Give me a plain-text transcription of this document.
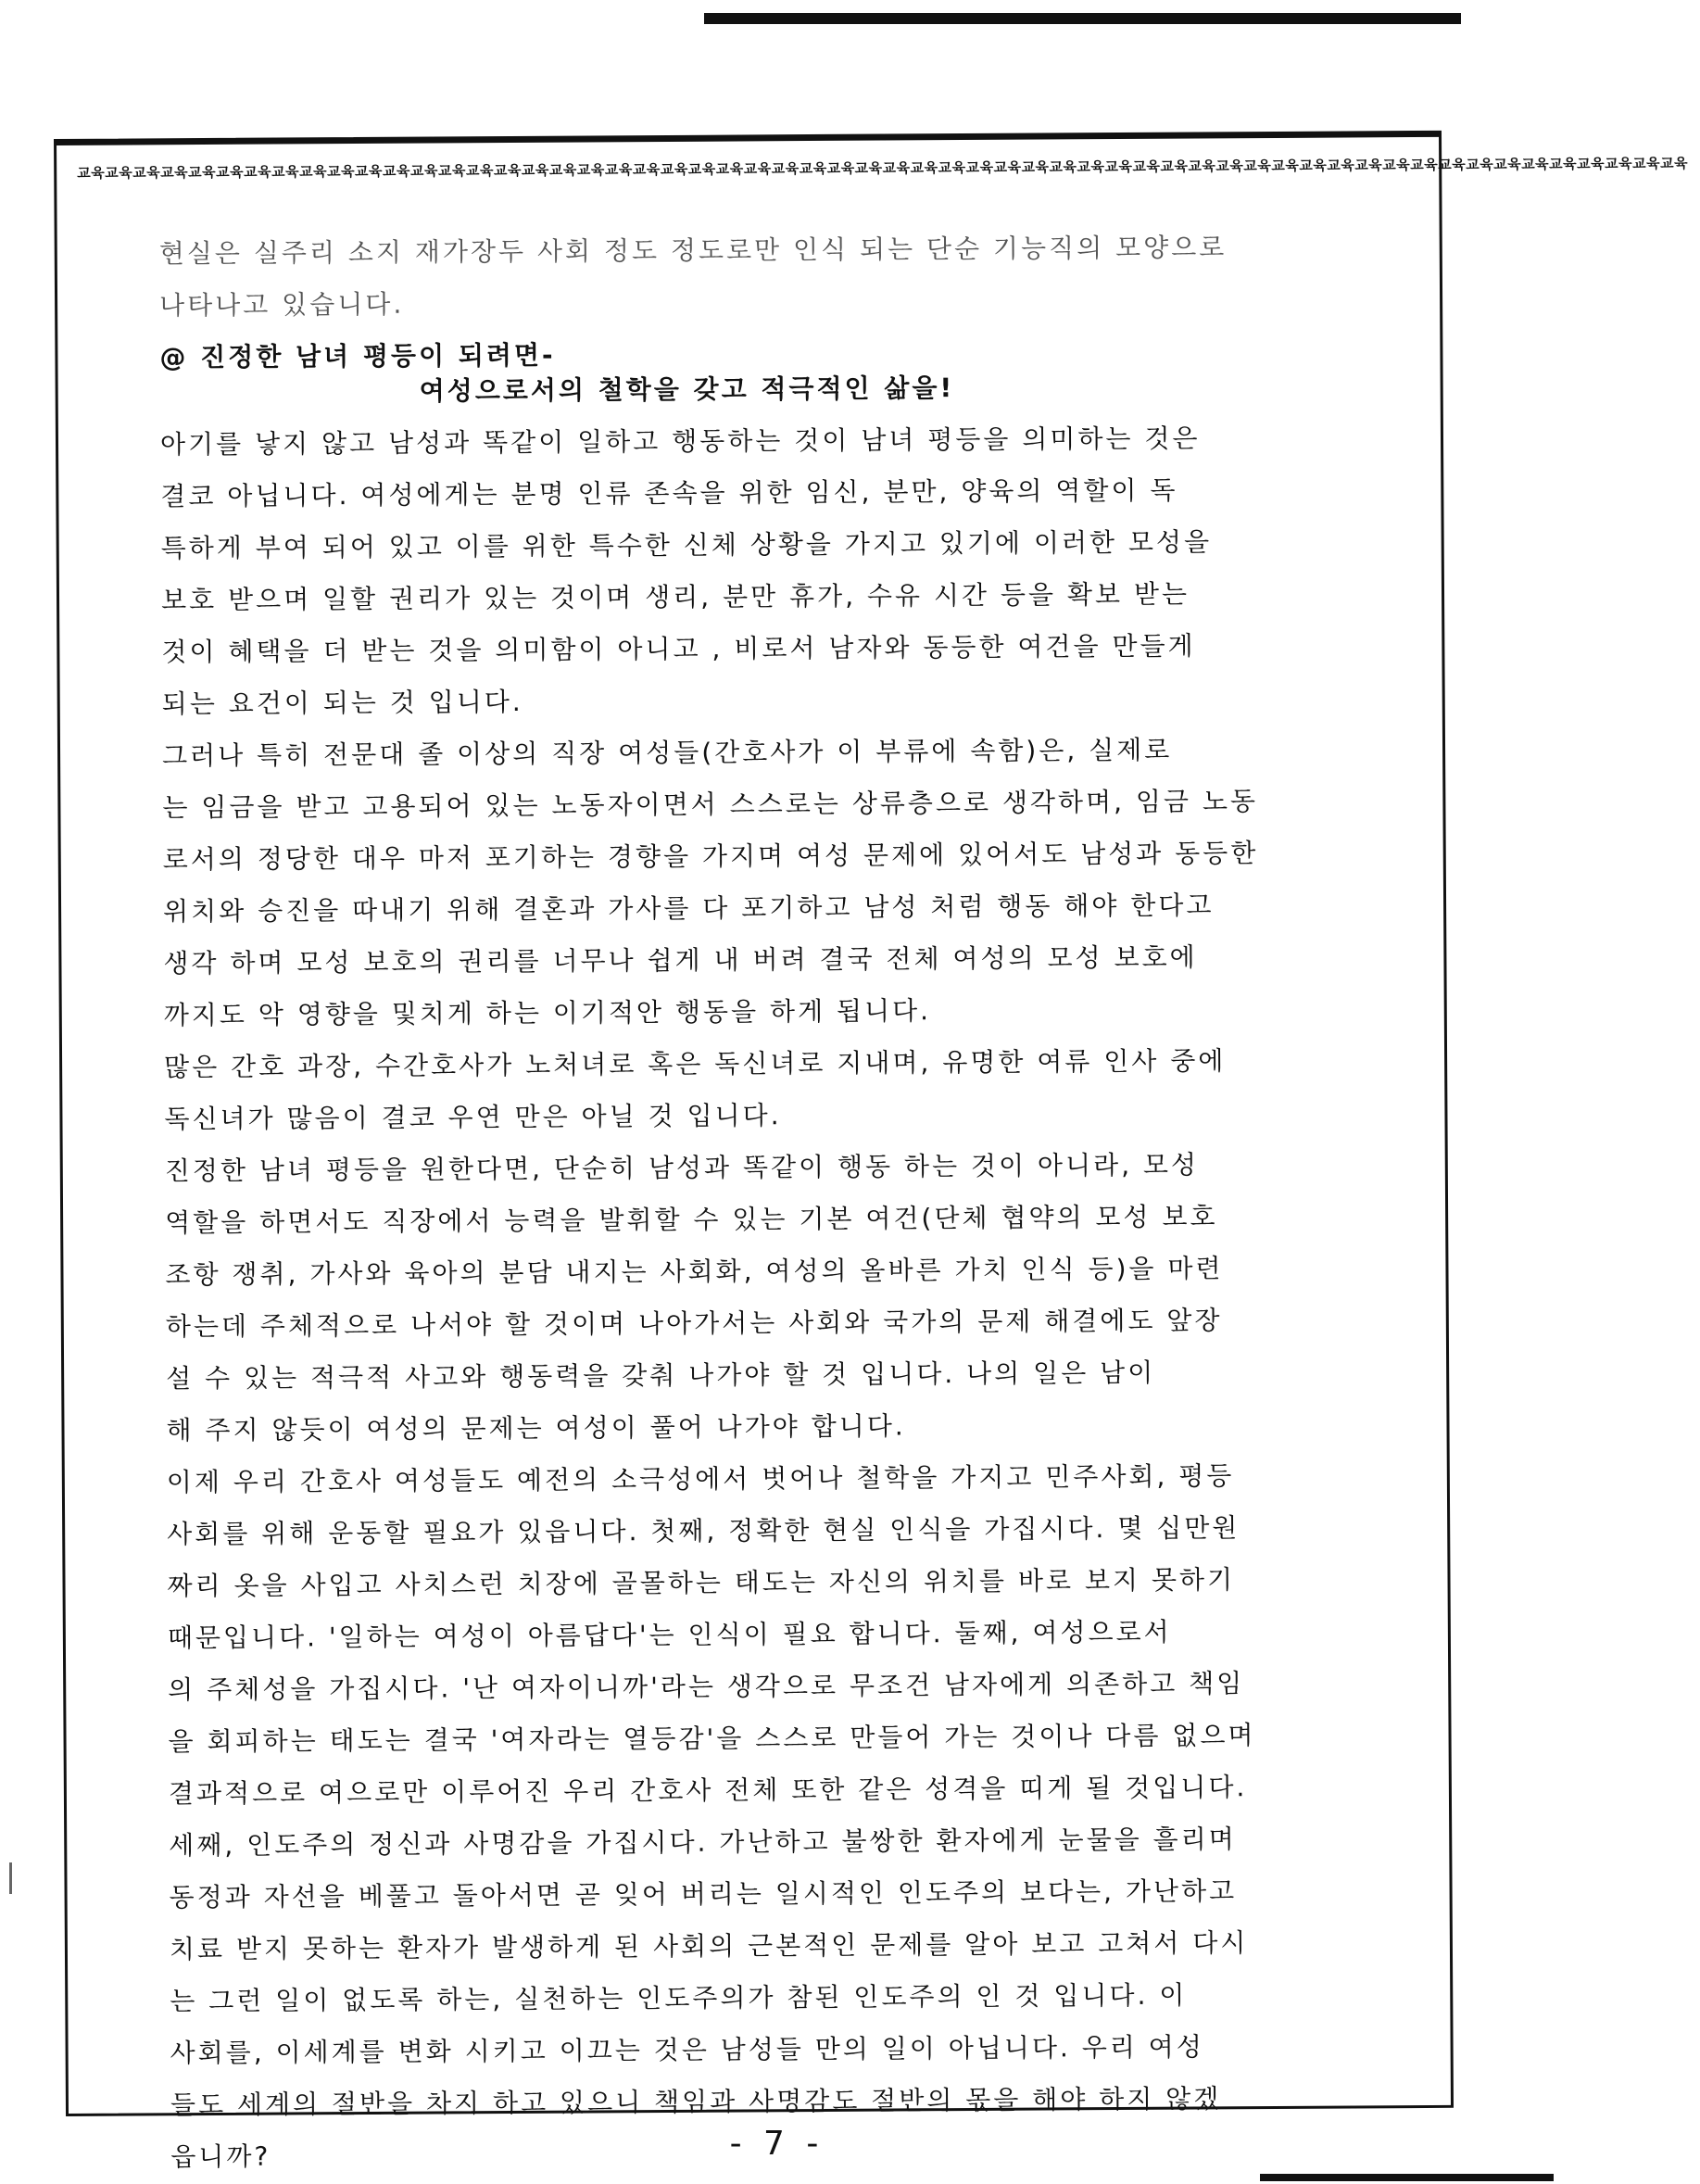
교육교육교육교육교육교육교육교육교육교육교육교육교육교육교육교육교육교육교육교육교육교육교육교육교육교육교육교육교육교육교육교육교육교육교육교육교육교육교육교육교육교육교육교육교육교육교육교육교육교육교육교육교육교육교육교육교육교육
현실은 실주리 소지 재가장두 사회 정도 정도로만 인식 되는 단순 기능직의 모양으로
나타나고 있습니다.
@ 진정한 남녀 평등이 되려면-
여성으로서의 철학을 갖고 적극적인 삶을!
아기를 낳지 않고 남성과 똑같이 일하고 행동하는 것이 남녀 평등을 의미하는 것은
결코 아닙니다. 여성에게는 분명 인류 존속을 위한 임신, 분만, 양육의 역할이 독
특하게 부여 되어 있고 이를 위한 특수한 신체 상황을 가지고 있기에 이러한 모성을
보호 받으며 일할 권리가 있는 것이며 생리, 분만 휴가, 수유 시간 등을 확보 받는
것이 혜택을 더 받는 것을 의미함이 아니고 , 비로서 남자와 동등한 여건을 만들게
되는 요건이 되는 것 입니다.
그러나 특히 전문대 졸 이상의 직장 여성들(간호사가 이 부류에 속함)은, 실제로
는 임금을 받고 고용되어 있는 노동자이면서 스스로는 상류층으로 생각하며, 임금 노동
로서의 정당한 대우 마저 포기하는 경향을 가지며 여성 문제에 있어서도 남성과 동등한
위치와 승진을 따내기 위해 결혼과 가사를 다 포기하고 남성 처럼 행동 해야 한다고
생각 하며 모성 보호의 권리를 너무나 쉽게 내 버려 결국 전체 여성의 모성 보호에
까지도 악 영향을 및치게 하는 이기적안 행동을 하게 됩니다.
많은 간호 과장, 수간호사가 노처녀로 혹은 독신녀로 지내며, 유명한 여류 인사 중에
독신녀가 많음이 결코 우연 만은 아닐 것 입니다.
진정한 남녀 평등을 원한다면, 단순히 남성과 똑같이 행동 하는 것이 아니라, 모성
역할을 하면서도 직장에서 능력을 발휘할 수 있는 기본 여건(단체 협약의 모성 보호
조항 쟁취, 가사와 육아의 분담 내지는 사회화, 여성의 올바른 가치 인식 등)을 마련
하는데 주체적으로 나서야 할 것이며 나아가서는 사회와 국가의 문제 해결에도 앞장
설 수 있는 적극적 사고와 행동력을 갖춰 나가야 할 것 입니다. 나의 일은 남이
해 주지 않듯이 여성의 문제는 여성이 풀어 나가야 합니다.
이제 우리 간호사 여성들도 예전의 소극성에서 벗어나 철학을 가지고 민주사회, 평등
사회를 위해 운동할 필요가 있읍니다. 첫째, 정확한 현실 인식을 가집시다. 몇 십만원
짜리 옷을 사입고 사치스런 치장에 골몰하는 태도는 자신의 위치를 바로 보지 못하기
때문입니다. '일하는 여성이 아름답다'는 인식이 필요 합니다. 둘째, 여성으로서
의 주체성을 가집시다. '난 여자이니까'라는 생각으로 무조건 남자에게 의존하고 책임
을 회피하는 태도는 결국 '여자라는 열등감'을 스스로 만들어 가는 것이나 다름 없으며
결과적으로 여으로만 이루어진 우리 간호사 전체 또한 같은 성격을 띠게 될 것입니다.
세째, 인도주의 정신과 사명감을 가집시다. 가난하고 불쌍한 환자에게 눈물을 흘리며
동정과 자선을 베풀고 돌아서면 곧 잊어 버리는 일시적인 인도주의 보다는, 가난하고
치료 받지 못하는 환자가 발생하게 된 사회의 근본적인 문제를 알아 보고 고쳐서 다시
는 그런 일이 없도록 하는, 실천하는 인도주의가 참된 인도주의 인 것 입니다. 이
사회를, 이세계를 변화 시키고 이끄는 것은 남성들 만의 일이 아닙니다. 우리 여성
들도 세계의 절반을 차지 하고 있으니 책임과 사명감도 절반의 몫을 해야 하지 않겠
읍니까?	- 7 -
